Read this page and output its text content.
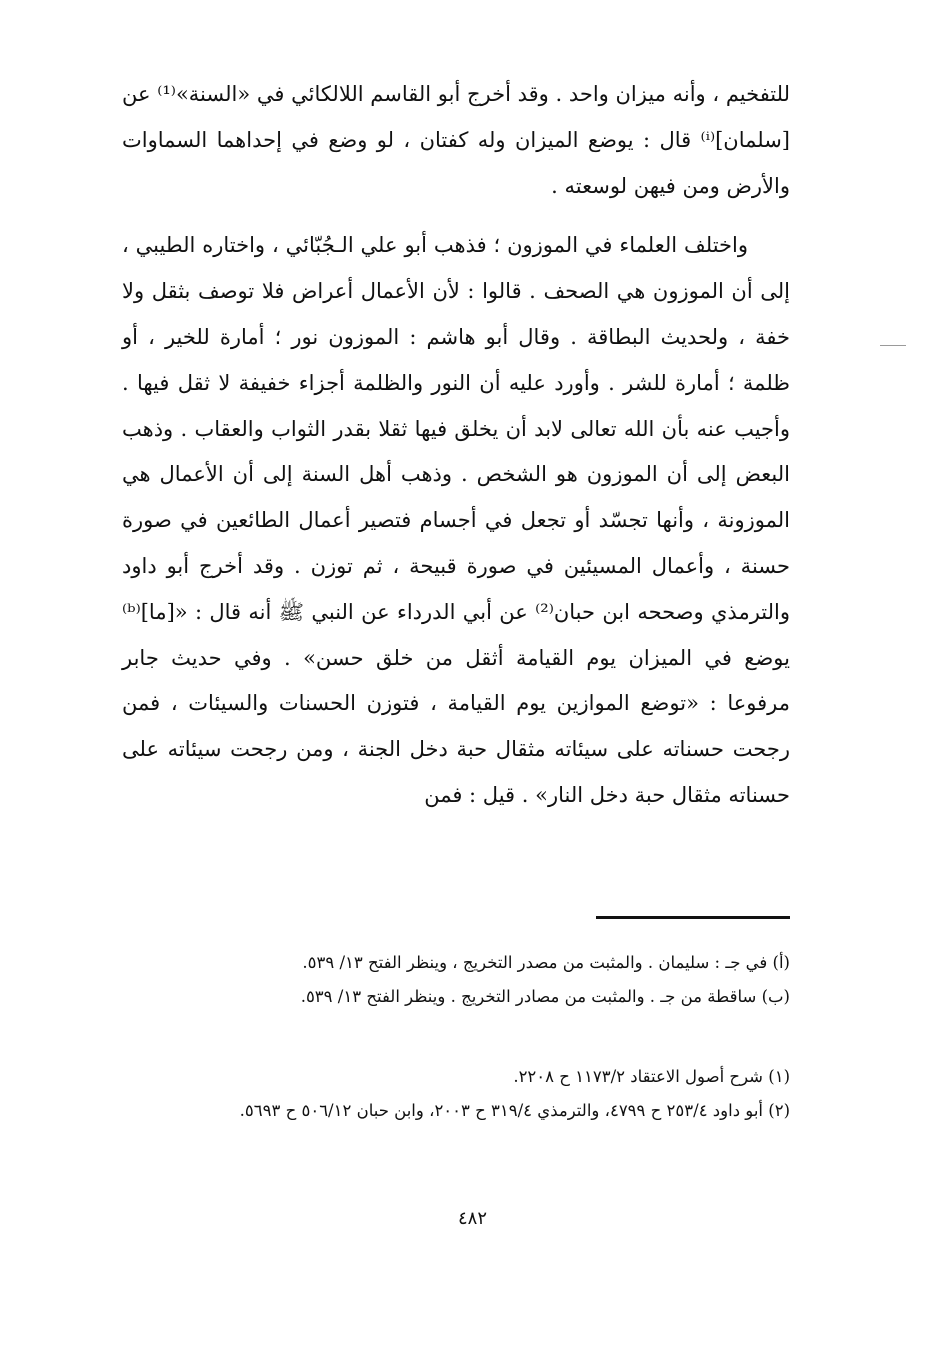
للتفخيم ، وأنه ميزان واحد . وقد أخرج أبو القاسم اللالكائي في «السنة»⁽¹⁾ عن [سلمان]⁽ⁱ⁾ قال : يوضع الميزان وله كفتان ، لو وضع في إحداهما السماوات والأرض ومن فيهن لوسعته .

واختلف العلماء في الموزون ؛ فذهب أبو علي الـجُبّائي ، واختاره الطيبي ، إلى أن الموزون هي الصحف . قالوا : لأن الأعمال أعراض فلا توصف بثقل ولا خفة ، ولحديث البطاقة . وقال أبو هاشم : الموزون نور ؛ أمارة للخير ، أو ظلمة ؛ أمارة للشر . وأورد عليه أن النور والظلمة أجزاء خفيفة لا ثقل فيها . وأجيب عنه بأن الله تعالى لابد أن يخلق فيها ثقلا بقدر الثواب والعقاب . وذهب البعض إلى أن الموزون هو الشخص . وذهب أهل السنة إلى أن الأعمال هي الموزونة ، وأنها تجسّد أو تجعل في أجسام فتصير أعمال الطائعين في صورة حسنة ، وأعمال المسيئين في صورة قبيحة ، ثم توزن . وقد أخرج أبو داود والترمذي وصححه ابن حبان⁽²⁾ عن أبي الدرداء عن النبي ﷺ أنه قال : «[ما]⁽ᵇ⁾ يوضع في الميزان يوم القيامة أثقل من خلق حسن» . وفي حديث جابر مرفوعا : «توضع الموازين يوم القيامة ، فتوزن الحسنات والسيئات ، فمن رجحت حسناته على سيئاته مثقال حبة دخل الجنة ، ومن رجحت سيئاته على حسناته مثقال حبة دخل النار» . قيل : فمن

(أ) في جـ : سليمان . والمثبت من مصدر التخريج ، وينظر الفتح ١٣/ ٥٣٩.

(ب) ساقطة من جـ . والمثبت من مصادر التخريج . وينظر الفتح ١٣/ ٥٣٩.

(١) شرح أصول الاعتقاد ١١٧٣/٢ ح ٢٢٠٨.

(٢) أبو داود ٢٥٣/٤ ح ٤٧٩٩، والترمذي ٣١٩/٤ ح ٢٠٠٣، وابن حبان ٥٠٦/١٢ ح ٥٦٩٣.

٤٨٢
